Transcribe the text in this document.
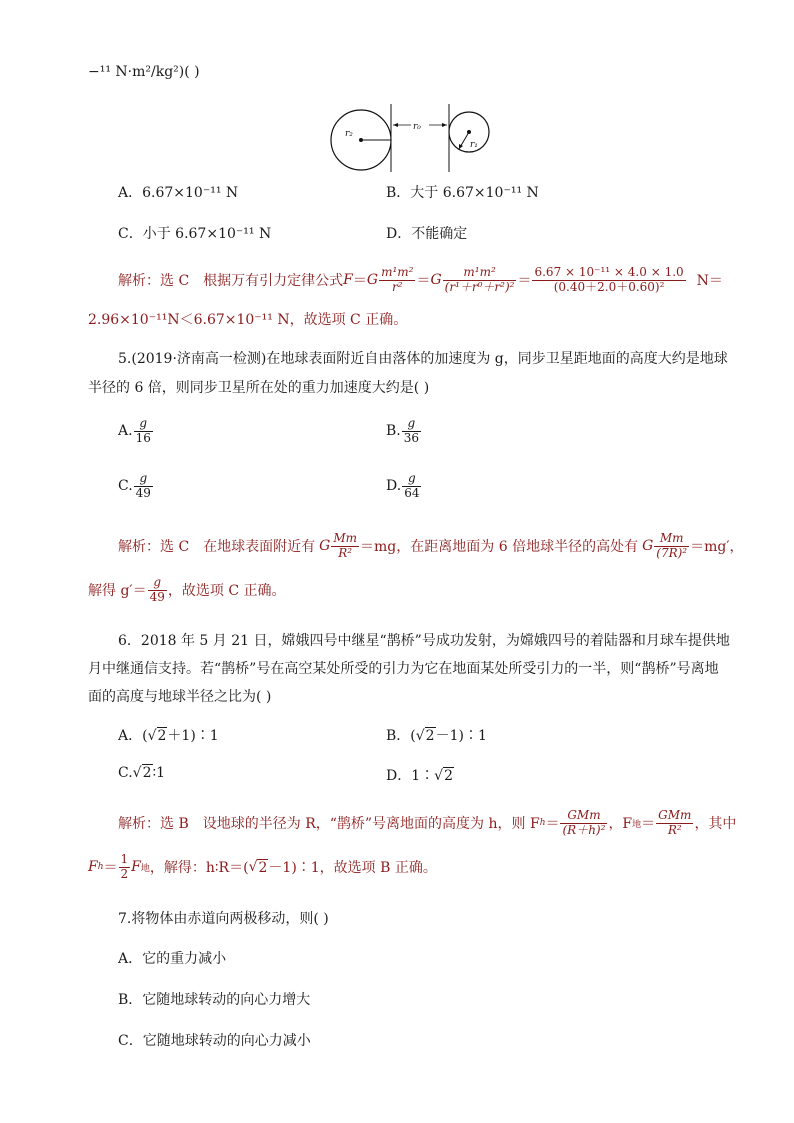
−¹¹ N·m²/kg²)( )
r₂
r₀
r₁
A．6.67×10⁻¹¹ N	B．大于 6.67×10⁻¹¹ N
C．小于 6.67×10⁻¹¹ N	D．不能确定
解析：选 C　根据万有引力定律公式 F ＝ G $\frac{\text{m¹m²}}{\text{r²}} = G \frac{\text{m¹m²}}{\text{(r¹＋r⁰＋r²)²}} = \frac{\text{6.67 × 10⁻¹¹ × 4.0 × 1.0}}{\text{(0.40＋2.0＋0.60)²}} N=$
2.96×10⁻¹¹N＜6.67×10⁻¹¹ N，故选项 C 正确。
5.(2019·济南高一检测)在地球表面附近自由落体的加速度为 g，同步卫星距地面的高度大约是地球
半径的 6 倍，则同步卫星所在处的重力加速度大约是( )
A. $\frac{g}{16}$	B. $\frac{g}{36}$
C. $\frac{g}{49}$	D. $\frac{g}{64}$
解析：选 C　在地球表面附近有 G $\frac{Mm}{\text{R²}} =mg$，在距离地面为 6 倍地球半径的高处有 G $\frac{Mm}{\text{(7R)²}} =mg'$，
解得 $g'= \frac{g}{49}$ ，故选项 C 正确。
6．2018 年 5 月 21 日，嫦娥四号中继星“鹊桥”号成功发射，为嫦娥四号的着陆器和月球车提供地
月中继通信支持。若“鹊桥”号在高空某处所受的引力为它在地面某处所受引力的一半，则“鹊桥”号离地
面的高度与地球半径之比为( )
A．(√2＋1)∶1	B．(√2－1)∶1
C.√2∶1	D．1∶√2
解析：选 B　设地球的半径为 R，“鹊桥”号离地面的高度为 h，则 F $h = \frac{\text{GMm}}{\text{(R＋h)²}}$ ，F 地 ＝ $\frac{\text{GMm}}{\text{R²}}$ ，其中
F $h = \frac{1}{2}$ F 地 ，解得：h∶R＝( √ 2 －1)∶1，故选项 B 正确。
7.将物体由赤道向两极移动，则( )
A．它的重力减小
B．它随地球转动的向心力增大
C．它随地球转动的向心力减小
